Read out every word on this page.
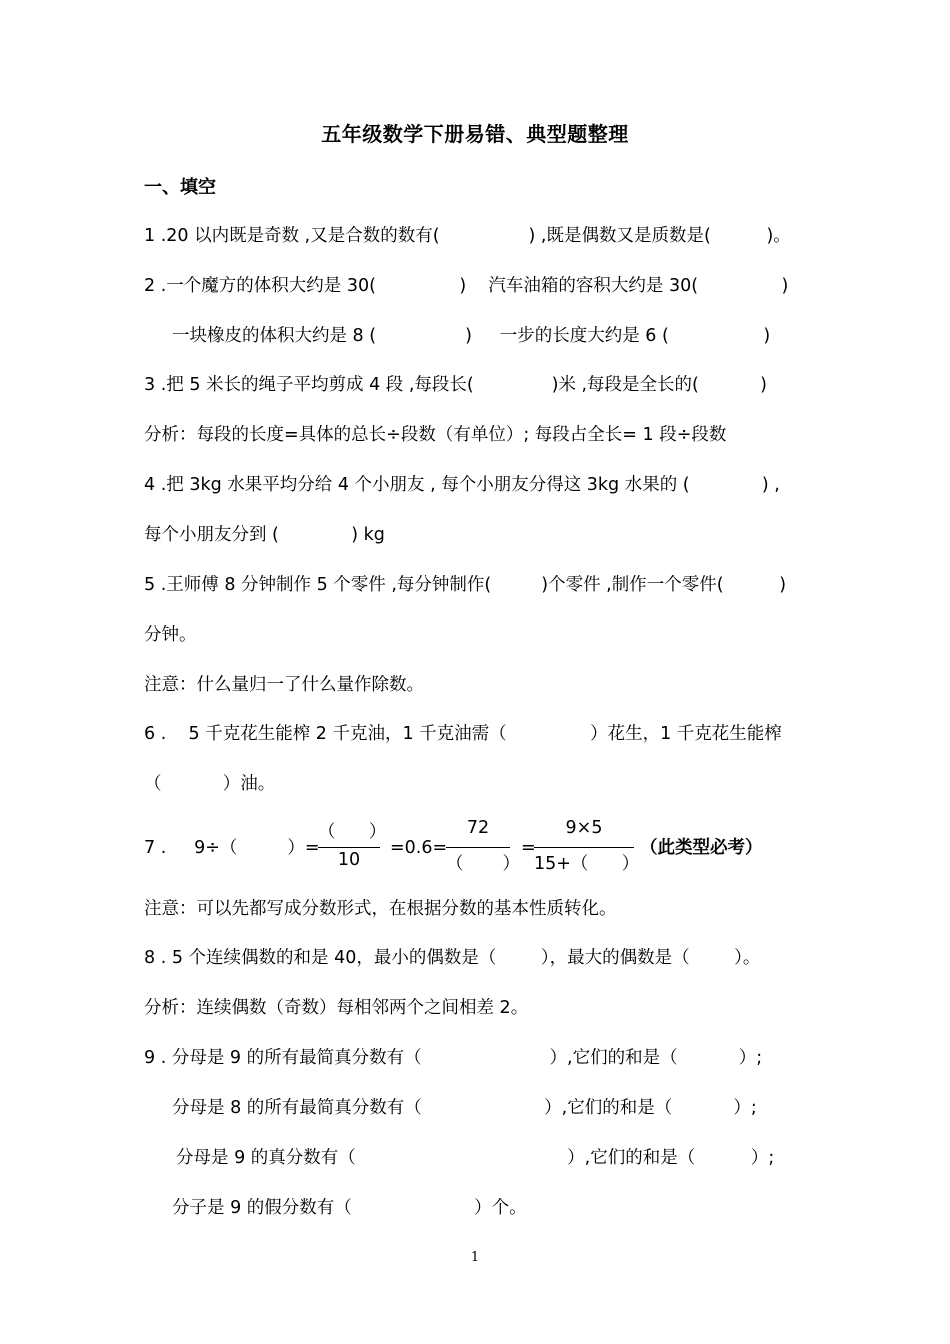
五年级数学下册易错、典型题整理
一、填空
1 .20 以内既是奇数 ,又是合数的数有(                ) ,既是偶数又是质数是(          )。
2 .一个魔方的体积大约是 30(               )    汽车油箱的容积大约是 30(               )
一块橡皮的体积大约是 8 (                )     一步的长度大约是 6 (                 )
3 .把 5 米长的绳子平均剪成 4 段 ,每段长(              )米 ,每段是全长的(           )
分析：每段的长度=具体的总长÷段数（有单位）; 每段占全长= 1 段÷段数
4 .把 3kg 水果平均分给 4 个小朋友 , 每个小朋友分得这 3kg 水果的 (             ) ,
每个小朋友分到 (             ) kg
5 .王师傅 8 分钟制作 5 个零件 ,每分钟制作(         )个零件 ,制作一个零件(          )
分钟。
注意：什么量归一了什么量作除数。
6 .    5 千克花生能榨 2 千克油，1 千克油需（               ）花生，1 千克花生能榨
（           ）油。
7 .     9÷（         ）=
（      ）
10
=0.6=
72
（       ）
=
9×5
15+（      ）
（此类型必考）
注意：可以先都写成分数形式，在根据分数的基本性质转化。
8 . 5 个连续偶数的和是 40，最小的偶数是（        ），最大的偶数是（        ）。
分析：连续偶数（奇数）每相邻两个之间相差 2。
9 . 分母是 9 的所有最简真分数有（                       ）,它们的和是（           ）;
分母是 8 的所有最简真分数有（                      ）,它们的和是（           ）;
分母是 9 的真分数有（                                      ）,它们的和是（          ）;
分子是 9 的假分数有（                      ）个。
1
